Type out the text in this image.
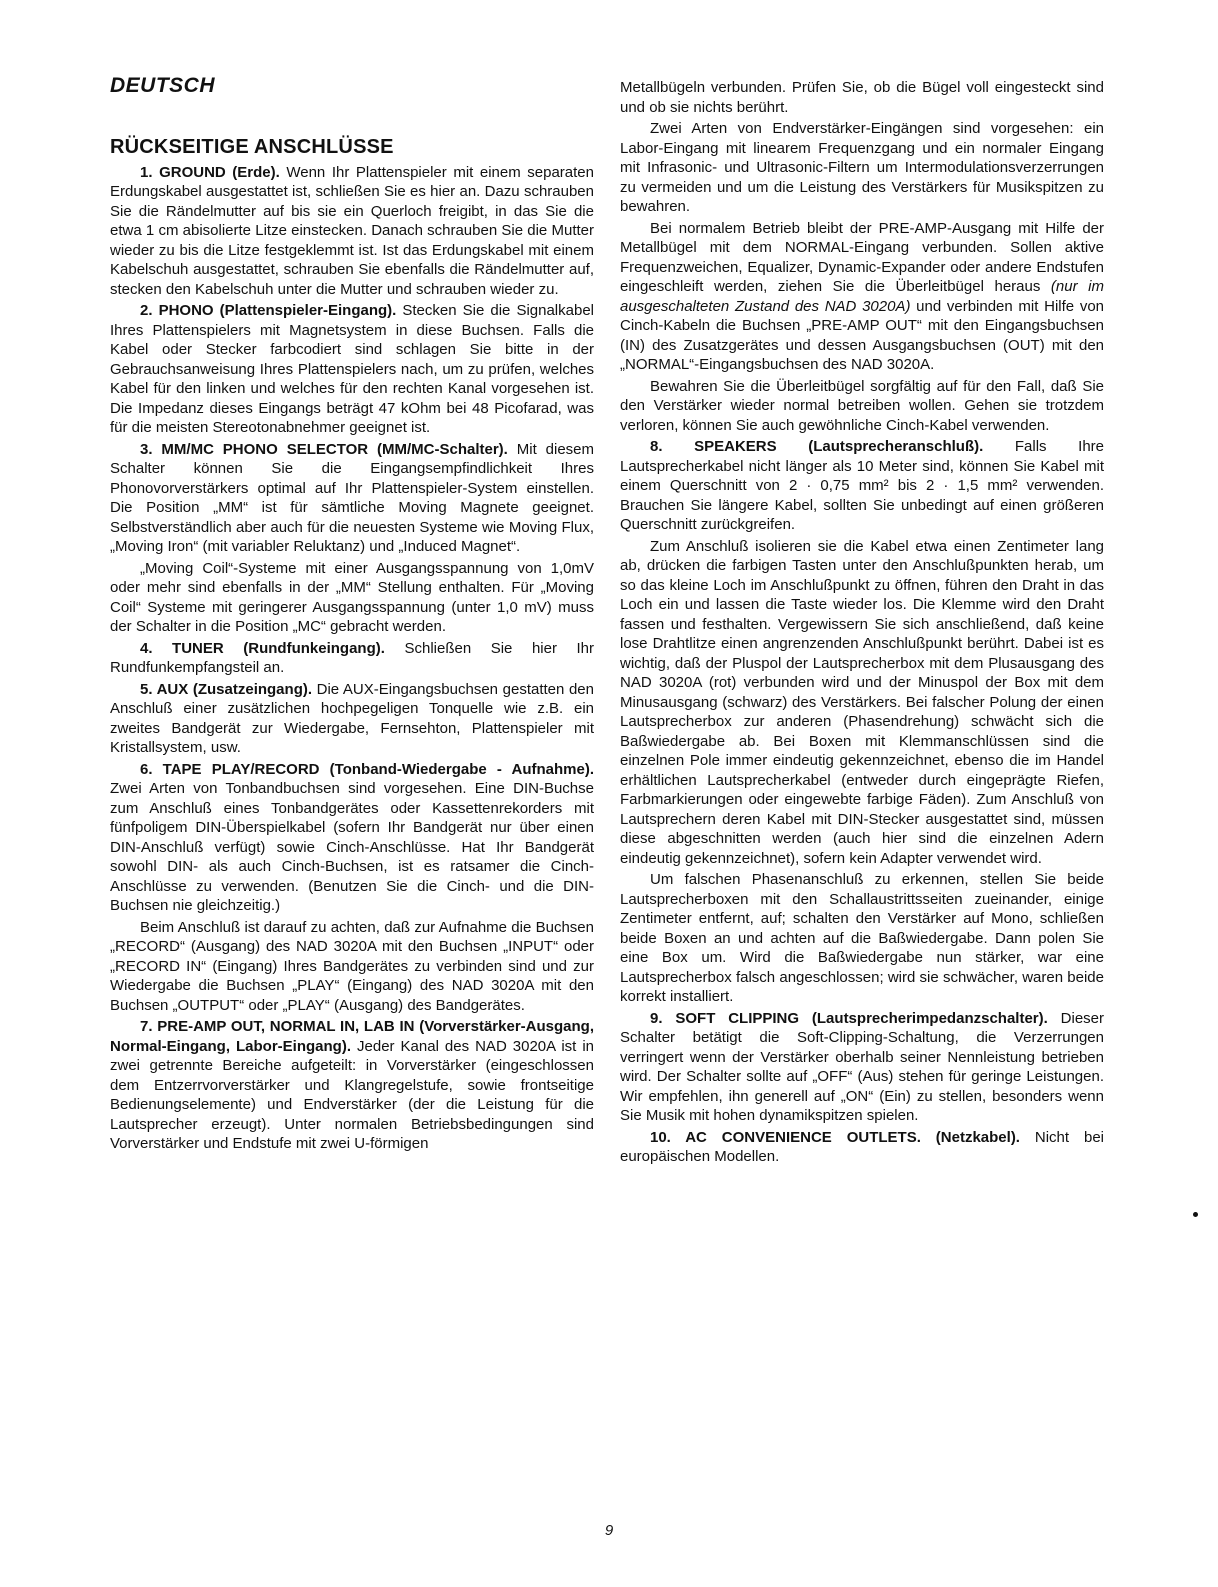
DEUTSCH
RÜCKSEITIGE ANSCHLÜSSE

1. GROUND (Erde). Wenn Ihr Plattenspieler mit einem separaten Erdungskabel ausgestattet ist, schließen Sie es hier an. Dazu schrauben Sie die Rändelmutter auf bis sie ein Querloch freigibt, in das Sie die etwa 1 cm abisolierte Litze einstecken. Danach schrauben Sie die Mutter wieder zu bis die Litze festgeklemmt ist. Ist das Erdungskabel mit einem Kabelschuh ausgestattet, schrauben Sie ebenfalls die Rändelmutter auf, stecken den Kabelschuh unter die Mutter und schrauben wieder zu.

2. PHONO (Plattenspieler-Eingang). Stecken Sie die Signalkabel Ihres Plattenspielers mit Magnetsystem in diese Buchsen. Falls die Kabel oder Stecker farbcodiert sind schlagen Sie bitte in der Gebrauchsanweisung Ihres Plattenspielers nach, um zu prüfen, welches Kabel für den linken und welches für den rechten Kanal vorgesehen ist. Die Impedanz dieses Eingangs beträgt 47 kOhm bei 48 Picofarad, was für die meisten Stereotonabnehmer geeignet ist.

3. MM/MC PHONO SELECTOR (MM/MC-Schalter). Mit diesem Schalter können Sie die Eingangsempfindlichkeit Ihres Phonovorverstärkers optimal auf Ihr Plattenspieler-System einstellen. Die Position „MM“ ist für sämtliche Moving Magnete geeignet. Selbstverständlich aber auch für die neuesten Systeme wie Moving Flux, „Moving Iron“ (mit variabler Reluktanz) und „Induced Magnet“.

„Moving Coil“-Systeme mit einer Ausgangsspannung von 1,0mV oder mehr sind ebenfalls in der „MM“ Stellung enthalten. Für „Moving Coil“ Systeme mit geringerer Ausgangsspannung (unter 1,0 mV) muss der Schalter in die Position „MC“ gebracht werden.

4. TUNER (Rundfunkeingang). Schließen Sie hier Ihr Rundfunkempfangsteil an.

5. AUX (Zusatzeingang). Die AUX-Eingangsbuchsen gestatten den Anschluß einer zusätzlichen hochpegeligen Tonquelle wie z.B. ein zweites Bandgerät zur Wiedergabe, Fernsehton, Plattenspieler mit Kristallsystem, usw.

6. TAPE PLAY/RECORD (Tonband-Wiedergabe - Aufnahme). Zwei Arten von Tonbandbuchsen sind vorgesehen. Eine DIN-Buchse zum Anschluß eines Tonbandgerätes oder Kassettenrekorders mit fünfpoligem DIN-Überspielkabel (sofern Ihr Bandgerät nur über einen DIN-Anschluß verfügt) sowie Cinch-Anschlüsse. Hat Ihr Bandgerät sowohl DIN- als auch Cinch-Buchsen, ist es ratsamer die Cinch-Anschlüsse zu verwenden. (Benutzen Sie die Cinch- und die DIN-Buchsen nie gleichzeitig.)

Beim Anschluß ist darauf zu achten, daß zur Aufnahme die Buchsen „RECORD“ (Ausgang) des NAD 3020A mit den Buchsen „INPUT“ oder „RECORD IN“ (Eingang) Ihres Bandgerätes zu verbinden sind und zur Wiedergabe die Buchsen „PLAY“ (Eingang) des NAD 3020A mit den Buchsen „OUTPUT“ oder „PLAY“ (Ausgang) des Bandgerätes.

7. PRE-AMP OUT, NORMAL IN, LAB IN (Vorverstärker-Ausgang, Normal-Eingang, Labor-Eingang). Jeder Kanal des NAD 3020A ist in zwei getrennte Bereiche aufgeteilt: in Vorverstärker (eingeschlossen dem Entzerrvorverstärker und Klangregelstufe, sowie frontseitige Bedienungselemente) und Endverstärker (der die Leistung für die Lautsprecher erzeugt). Unter normalen Betriebsbedingungen sind Vorverstärker und Endstufe mit zwei U-förmigen

Metallbügeln verbunden. Prüfen Sie, ob die Bügel voll eingesteckt sind und ob sie nichts berührt.

Zwei Arten von Endverstärker-Eingängen sind vorgesehen: ein Labor-Eingang mit linearem Frequenzgang und ein normaler Eingang mit Infrasonic- und Ultrasonic-Filtern um Intermodulationsverzerrungen zu vermeiden und um die Leistung des Verstärkers für Musikspitzen zu bewahren.

Bei normalem Betrieb bleibt der PRE-AMP-Ausgang mit Hilfe der Metallbügel mit dem NORMAL-Eingang verbunden. Sollen aktive Frequenzweichen, Equalizer, Dynamic-Expander oder andere Endstufen eingeschleift werden, ziehen Sie die Überleitbügel heraus (nur im ausgeschalteten Zustand des NAD 3020A) und verbinden mit Hilfe von Cinch-Kabeln die Buchsen „PRE-AMP OUT“ mit den Eingangsbuchsen (IN) des Zusatzgerätes und dessen Ausgangsbuchsen (OUT) mit den „NORMAL“-Eingangsbuchsen des NAD 3020A.

Bewahren Sie die Überleitbügel sorgfältig auf für den Fall, daß Sie den Verstärker wieder normal betreiben wollen. Gehen sie trotzdem verloren, können Sie auch gewöhnliche Cinch-Kabel verwenden.

8. SPEAKERS (Lautsprecheranschluß). Falls Ihre Lautsprecherkabel nicht länger als 10 Meter sind, können Sie Kabel mit einem Querschnitt von 2 · 0,75 mm² bis 2 · 1,5 mm² verwenden. Brauchen Sie längere Kabel, sollten Sie unbedingt auf einen größeren Querschnitt zurückgreifen.

Zum Anschluß isolieren sie die Kabel etwa einen Zentimeter lang ab, drücken die farbigen Tasten unter den Anschlußpunkten herab, um so das kleine Loch im Anschlußpunkt zu öffnen, führen den Draht in das Loch ein und lassen die Taste wieder los. Die Klemme wird den Draht fassen und festhalten. Vergewissern Sie sich anschließend, daß keine lose Drahtlitze einen angrenzenden Anschlußpunkt berührt. Dabei ist es wichtig, daß der Pluspol der Lautsprecherbox mit dem Plusausgang des NAD 3020A (rot) verbunden wird und der Minuspol der Box mit dem Minusausgang (schwarz) des Verstärkers. Bei falscher Polung der einen Lautsprecherbox zur anderen (Phasendrehung) schwächt sich die Baßwiedergabe ab. Bei Boxen mit Klemmanschlüssen sind die einzelnen Pole immer eindeutig gekennzeichnet, ebenso die im Handel erhältlichen Lautsprecherkabel (entweder durch eingeprägte Riefen, Farbmarkierungen oder eingewebte farbige Fäden). Zum Anschluß von Lautsprechern deren Kabel mit DIN-Stecker ausgestattet sind, müssen diese abgeschnitten werden (auch hier sind die einzelnen Adern eindeutig gekennzeichnet), sofern kein Adapter verwendet wird.

Um falschen Phasenanschluß zu erkennen, stellen Sie beide Lautsprecherboxen mit den Schallaustrittsseiten zueinander, einige Zentimeter entfernt, auf; schalten den Verstärker auf Mono, schließen beide Boxen an und achten auf die Baßwiedergabe. Dann polen Sie eine Box um. Wird die Baßwiedergabe nun stärker, war eine Lautsprecherbox falsch angeschlossen; wird sie schwächer, waren beide korrekt installiert.

9. SOFT CLIPPING (Lautsprecherimpedanzschalter). Dieser Schalter betätigt die Soft-Clipping-Schaltung, die Verzerrungen verringert wenn der Verstärker oberhalb seiner Nennleistung betrieben wird. Der Schalter sollte auf „OFF“ (Aus) stehen für geringe Leistungen. Wir empfehlen, ihn generell auf „ON“ (Ein) zu stellen, besonders wenn Sie Musik mit hohen dynamikspitzen spielen.

10. AC CONVENIENCE OUTLETS. (Netzkabel). Nicht bei europäischen Modellen.

9
